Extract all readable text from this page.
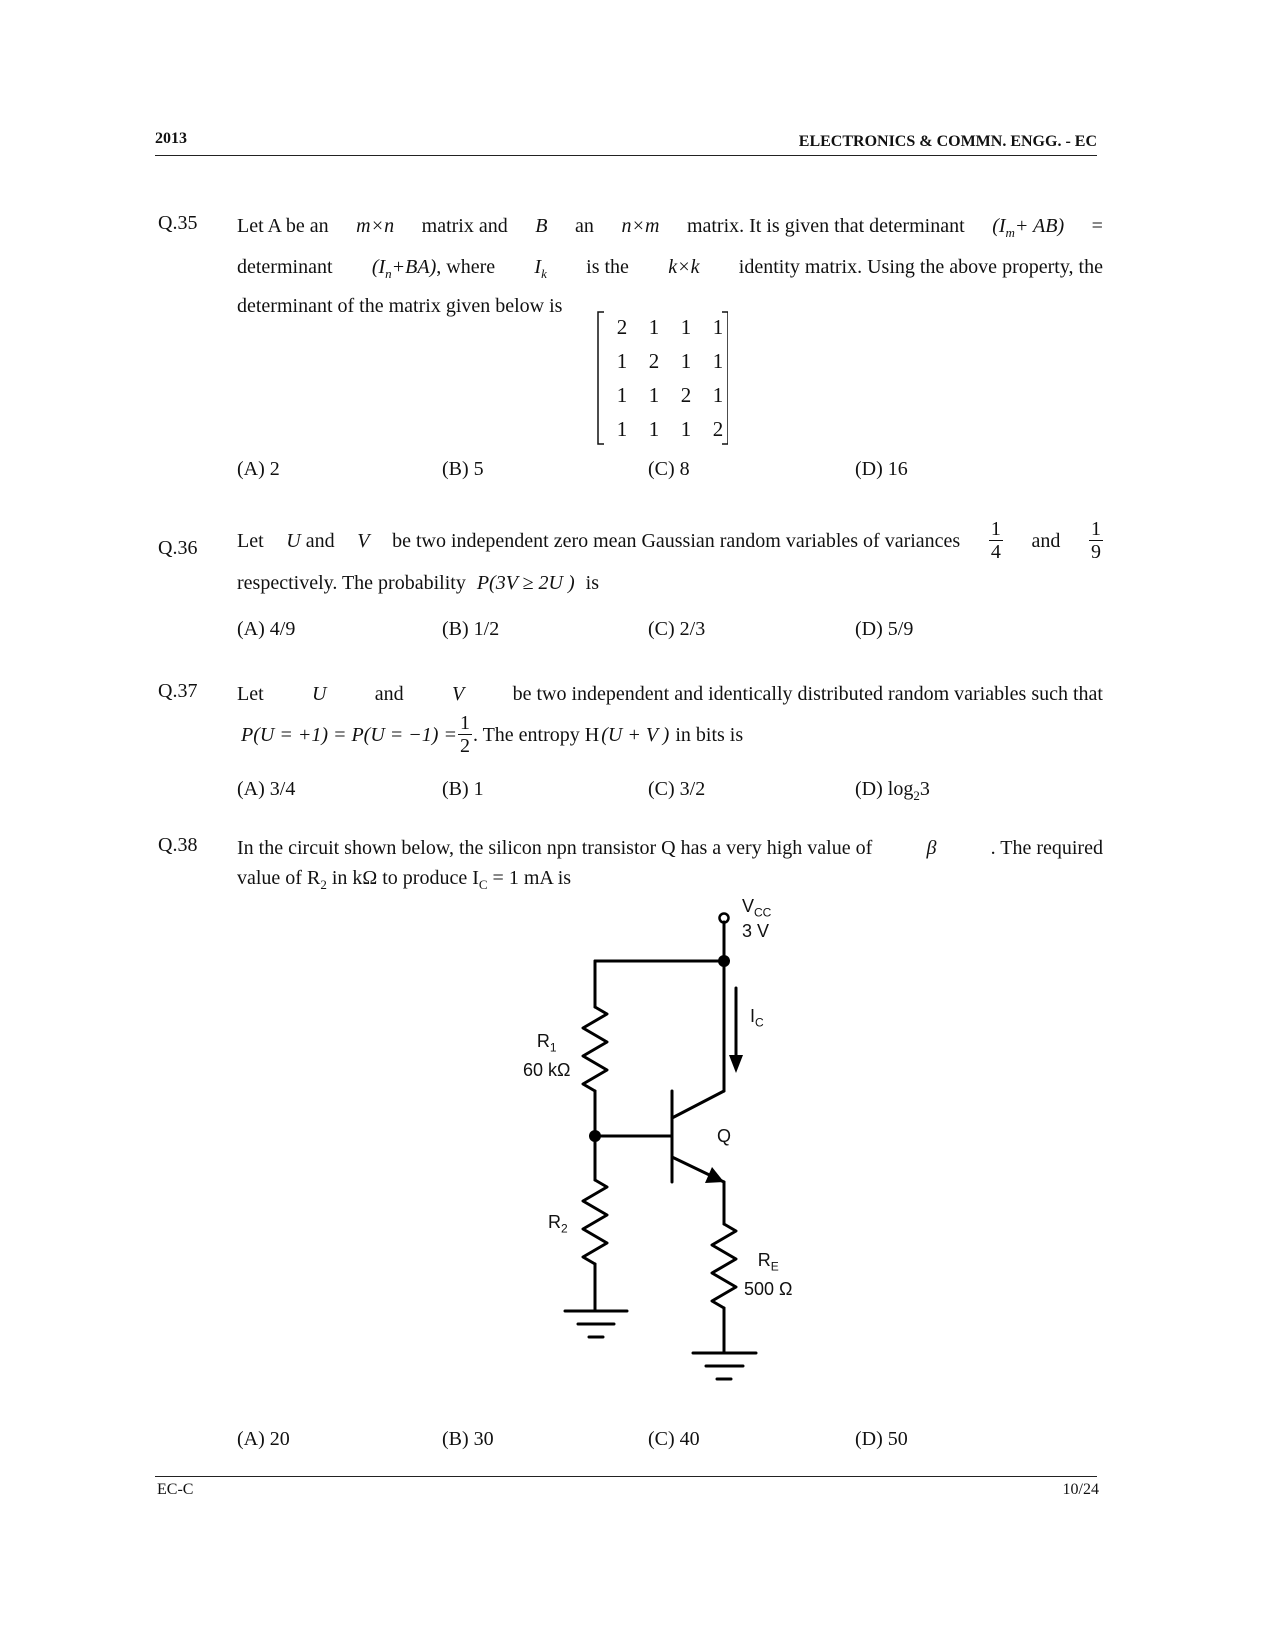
2013	ELECTRONICS & COMMN. ENGG. - EC
Q.35 Let A be an m×n matrix and B an n×m matrix. It is given that determinant $(I_m+ AB)$ =
determinant $(I_n+BA)$, where $I_k$ is the k×k identity matrix. Using the above property, the
determinant of the matrix given below is
2	1	1	1
1	2	1	1
1	1	2	1
1	1	1	2
(A) 2	(B) 5	(C) 8	(D) 16
Q.36 Let U and V be two independent zero mean Gaussian random variables of variances $\frac{1}{4}$ and $\frac{1}{9}$
respectively. The probability P(3V ≥ 2U ) is
(A) 4/9	(B) 1/2	(C) 2/3	(D) 5/9
Q.37 Let U and V be two independent and identically distributed random variables such that
$P(U = +1) = P(U = -1) = \frac{1}{2}$ . The entropy H (U + V ) in bits is
(A) 3/4	(B) 1	(C) 3/2	(D) $\log_23$
Q.38 In the circuit shown below, the silicon npn transistor Q has a very high value of	β	. The required
value of $R_2$ in kΩ to produce $I_C = 1$ mA is
$V_{CC}$
3 V
$I_C$
$R_1$
60 kΩ
Q
$R_2$
$R_E$
500 Ω
(A) 20	(B) 30	(C) 40	(D) 50
EC-C	10/24
